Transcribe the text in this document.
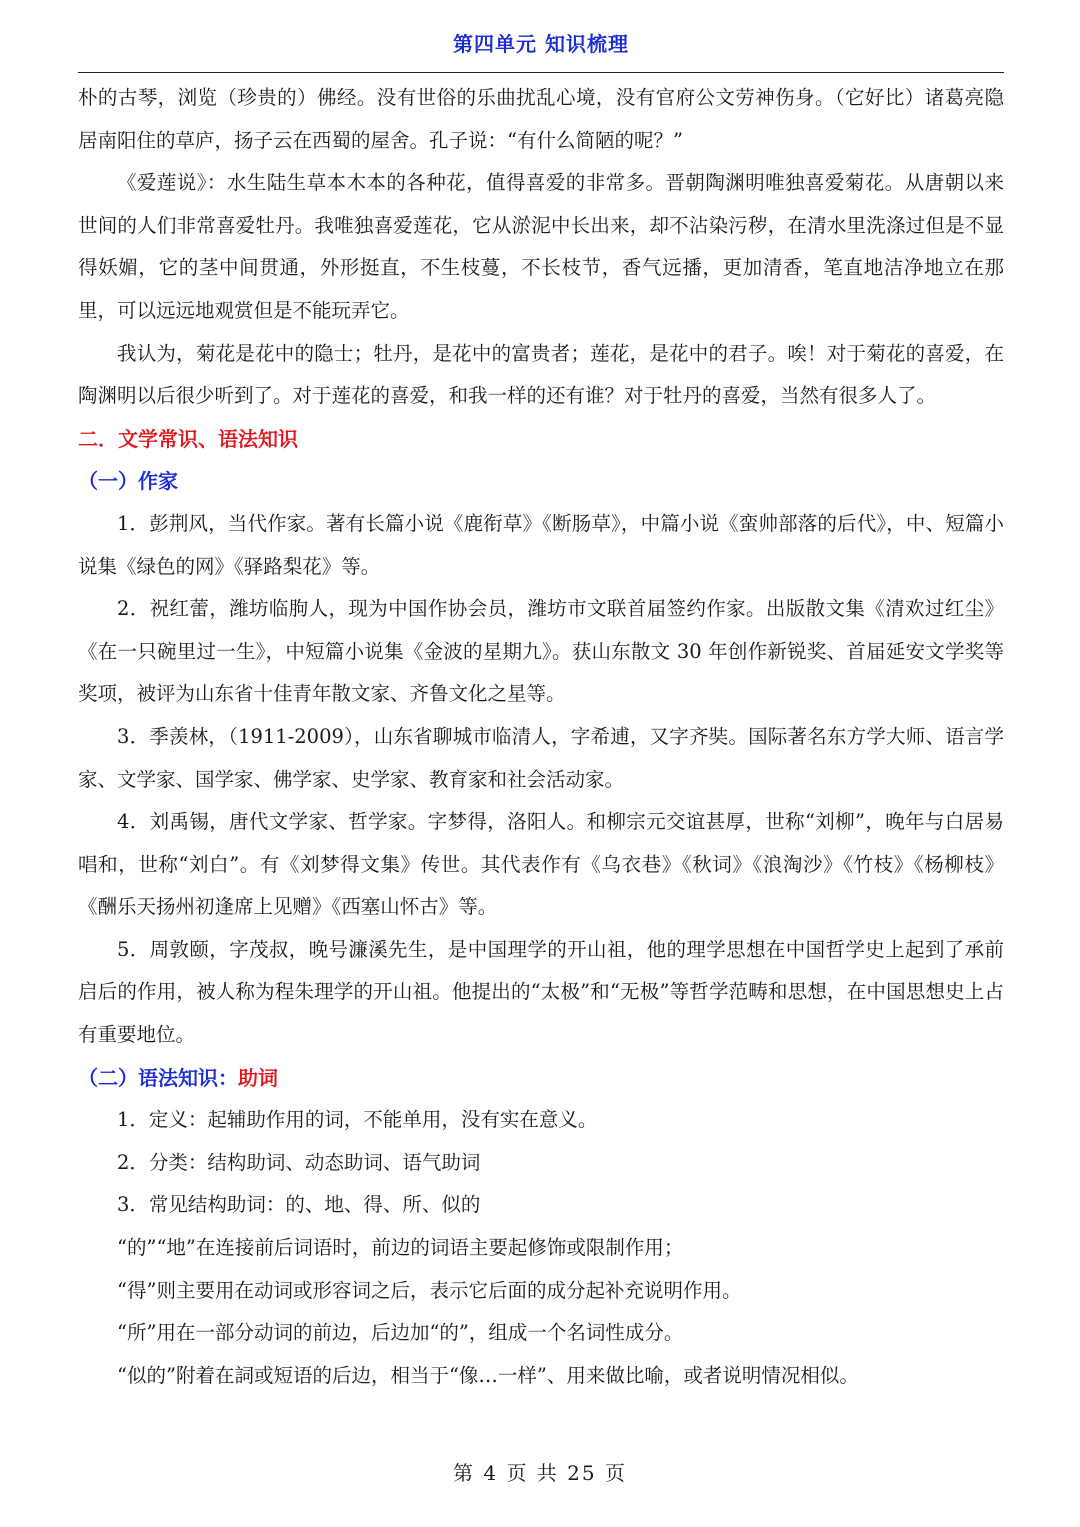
第四单元 知识梳理

朴的古琴，浏览（珍贵的）佛经。没有世俗的乐曲扰乱心境，没有官府公文劳神伤身。（它好比）诸葛亮隐居南阳住的草庐，扬子云在西蜀的屋舍。孔子说：“有什么简陋的呢？”

《爱莲说》：水生陆生草本木本的各种花，值得喜爱的非常多。晋朝陶渊明唯独喜爱菊花。从唐朝以来世间的人们非常喜爱牡丹。我唯独喜爱莲花，它从淤泥中长出来，却不沾染污秽，在清水里洗涤过但是不显得妖媚，它的茎中间贯通，外形挺直，不生枝蔓，不长枝节，香气远播，更加清香，笔直地洁净地立在那里，可以远远地观赏但是不能玩弄它。

我认为，菊花是花中的隐士；牡丹，是花中的富贵者；莲花，是花中的君子。唉！对于菊花的喜爱，在陶渊明以后很少听到了。对于莲花的喜爱，和我一样的还有谁？对于牡丹的喜爱，当然有很多人了。

二．文学常识、语法知识

（一）作家

1．彭荆风，当代作家。著有长篇小说《鹿衔草》《断肠草》，中篇小说《蛮帅部落的后代》，中、短篇小说集《绿色的网》《驿路梨花》等。

2．祝红蕾，潍坊临朐人，现为中国作协会员，潍坊市文联首届签约作家。出版散文集《清欢过红尘》《在一只碗里过一生》，中短篇小说集《金波的星期九》。获山东散文 30 年创作新锐奖、首届延安文学奖等奖项，被评为山东省十佳青年散文家、齐鲁文化之星等。

3．季羡林，（1911-2009），山东省聊城市临清人，字希逋，又字齐奘。国际著名东方学大师、语言学家、文学家、国学家、佛学家、史学家、教育家和社会活动家。

4．刘禹锡，唐代文学家、哲学家。字梦得，洛阳人。和柳宗元交谊甚厚，世称“刘柳”，晚年与白居易唱和，世称“刘白”。有《刘梦得文集》传世。其代表作有《乌衣巷》《秋词》《浪淘沙》《竹枝》《杨柳枝》《酬乐天扬州初逢席上见赠》《西塞山怀古》等。

5．周敦颐，字茂叔，晚号濂溪先生，是中国理学的开山祖，他的理学思想在中国哲学史上起到了承前启后的作用，被人称为程朱理学的开山祖。他提出的“太极”和“无极”等哲学范畴和思想，在中国思想史上占有重要地位。

（二）语法知识：助词

1．定义：起辅助作用的词，不能单用，没有实在意义。

2．分类：结构助词、动态助词、语气助词

3．常见结构助词：的、地、得、所、似的

“的”“地”在连接前后词语时，前边的词语主要起修饰或限制作用；

“得”则主要用在动词或形容词之后，表示它后面的成分起补充说明作用。

“所”用在一部分动词的前边，后边加“的”，组成一个名词性成分。

“似的”附着在詞或短语的后边，相当于“像…一样”、用来做比喻，或者说明情况相似。

第 4 页 共 25 页
